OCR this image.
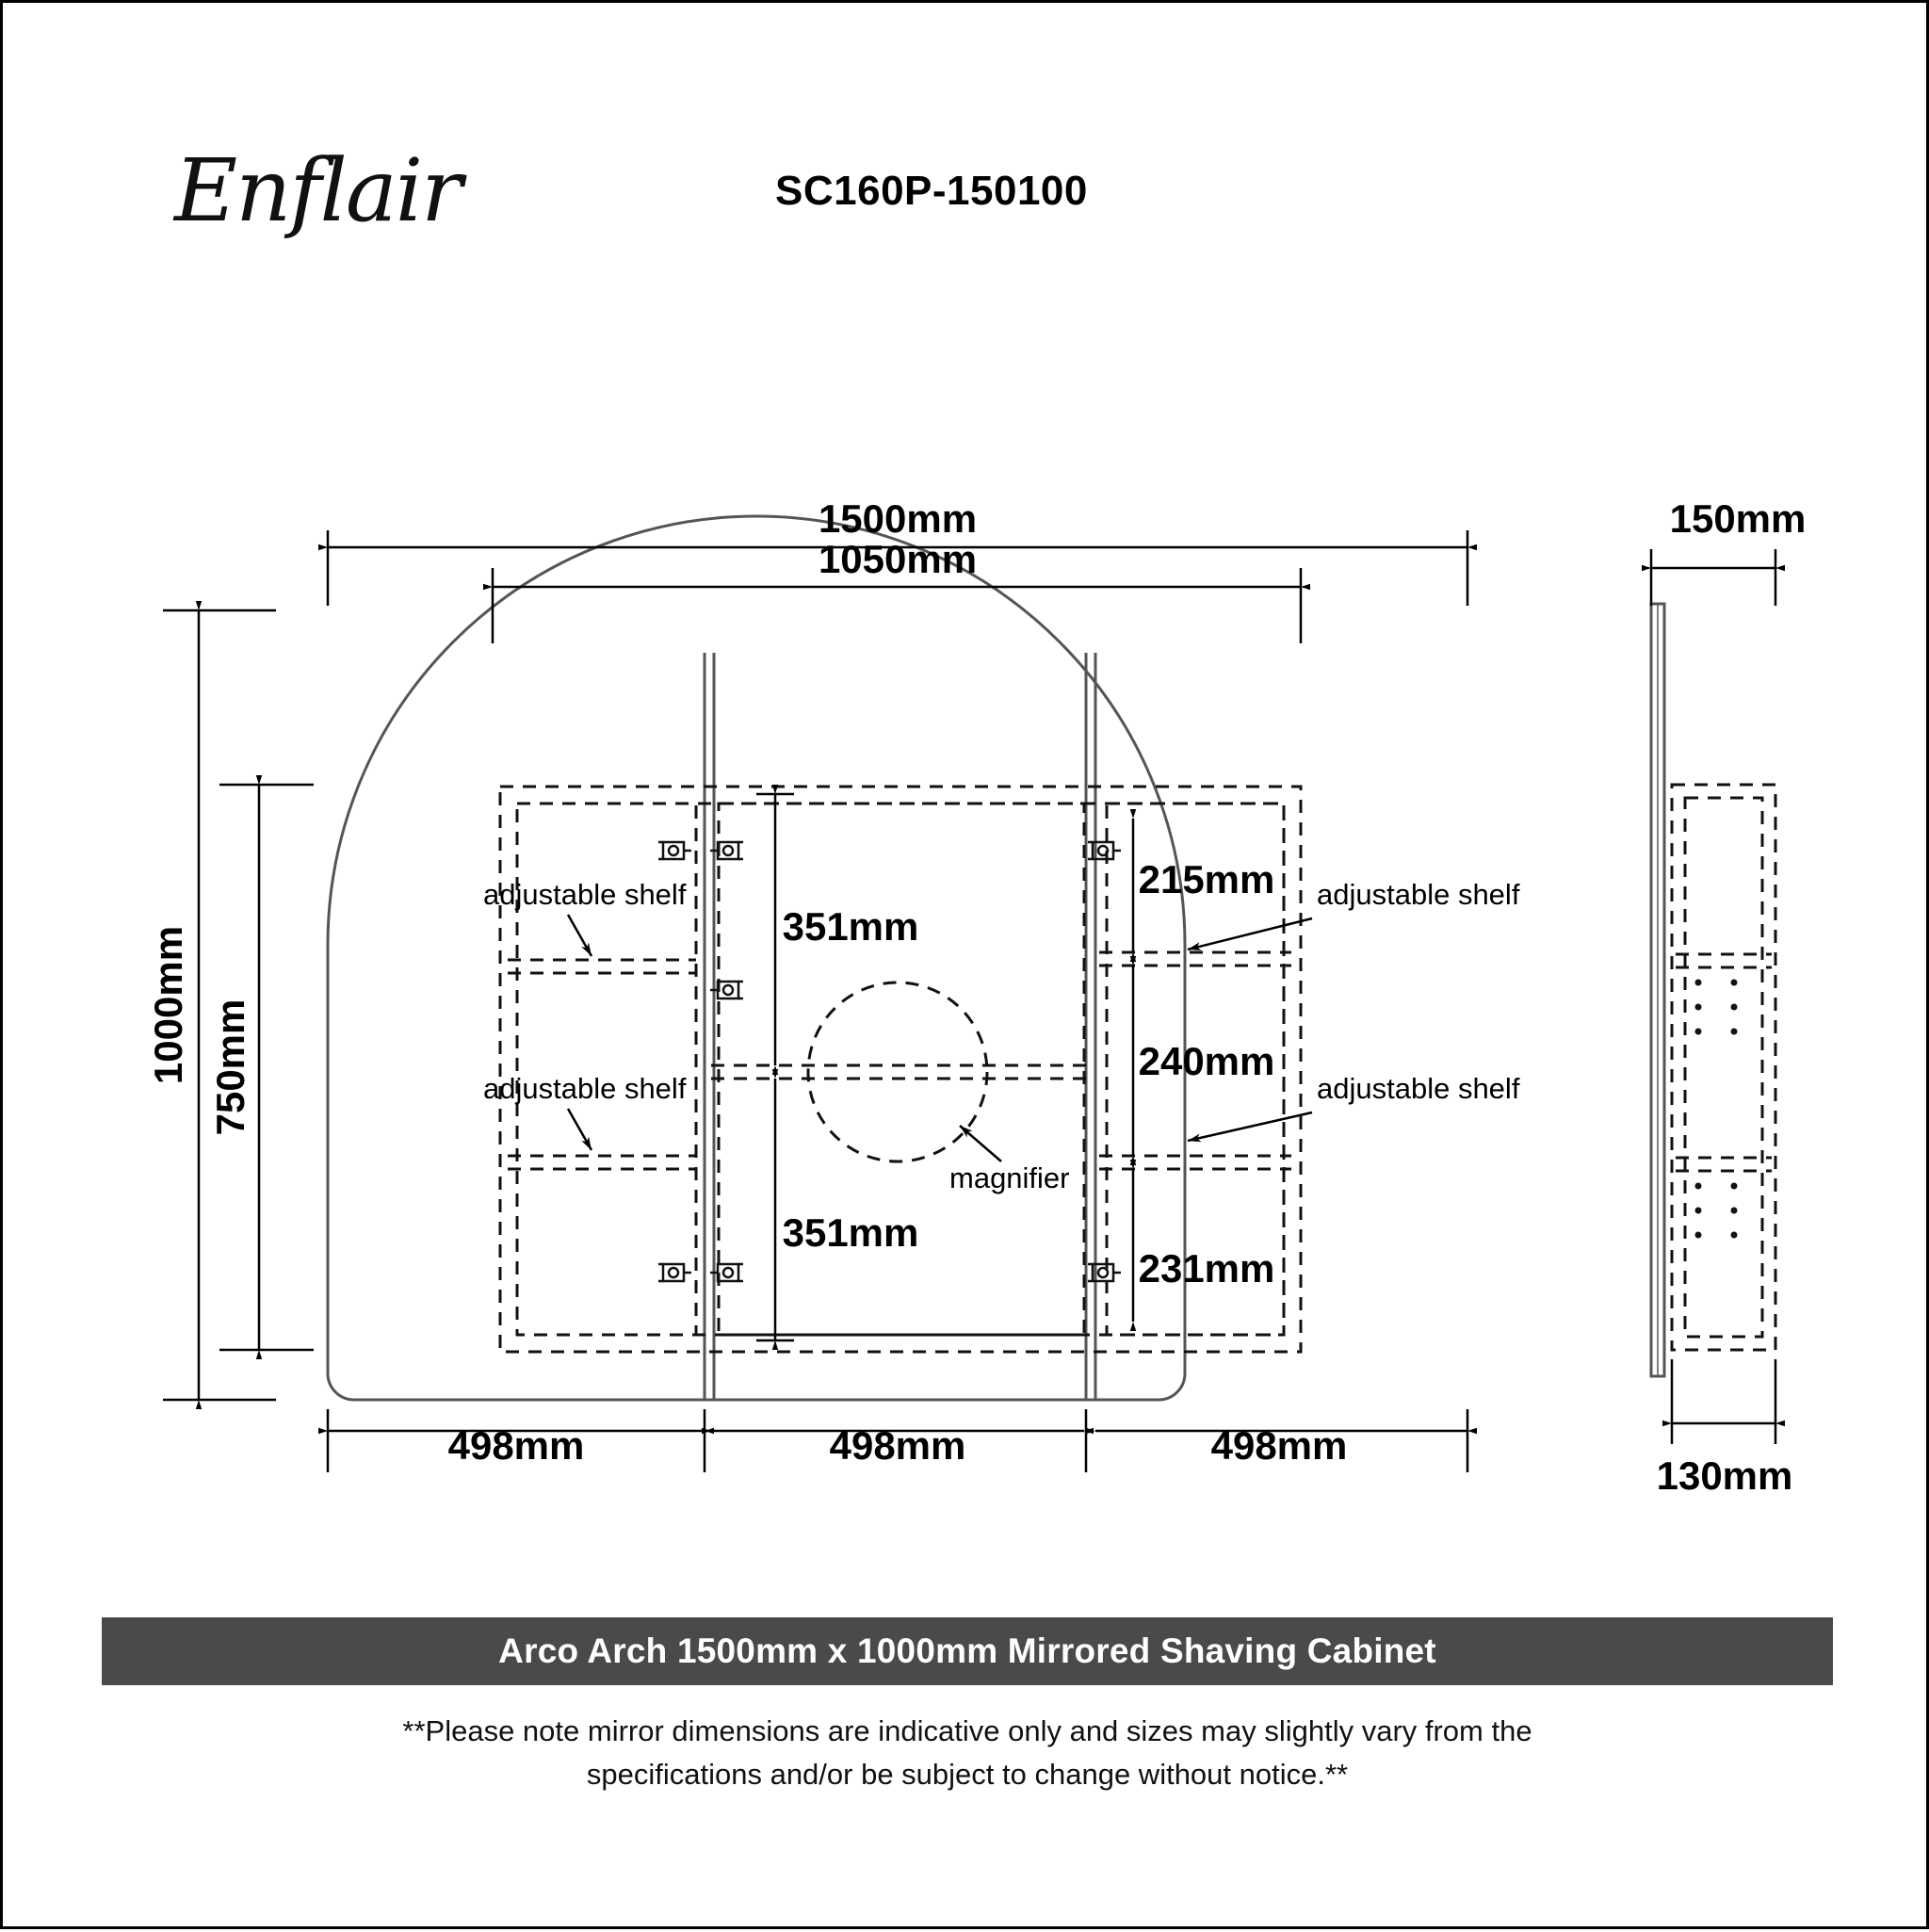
Enflair	SC160P-150100
1500mm
1050mm
1000mm 750mm
351mm
351mm
215mm
240mm
231mm
498mm	498mm	498mm
adjustable shelf
adjustable shelf
adjustable shelf
adjustable shelf
magnifier
150mm
130mm
Arco Arch 1500mm x 1000mm Mirrored Shaving Cabinet
**Please note mirror dimensions are indicative only and sizes may slightly vary from the
specifications and/or be subject to change without notice.**
